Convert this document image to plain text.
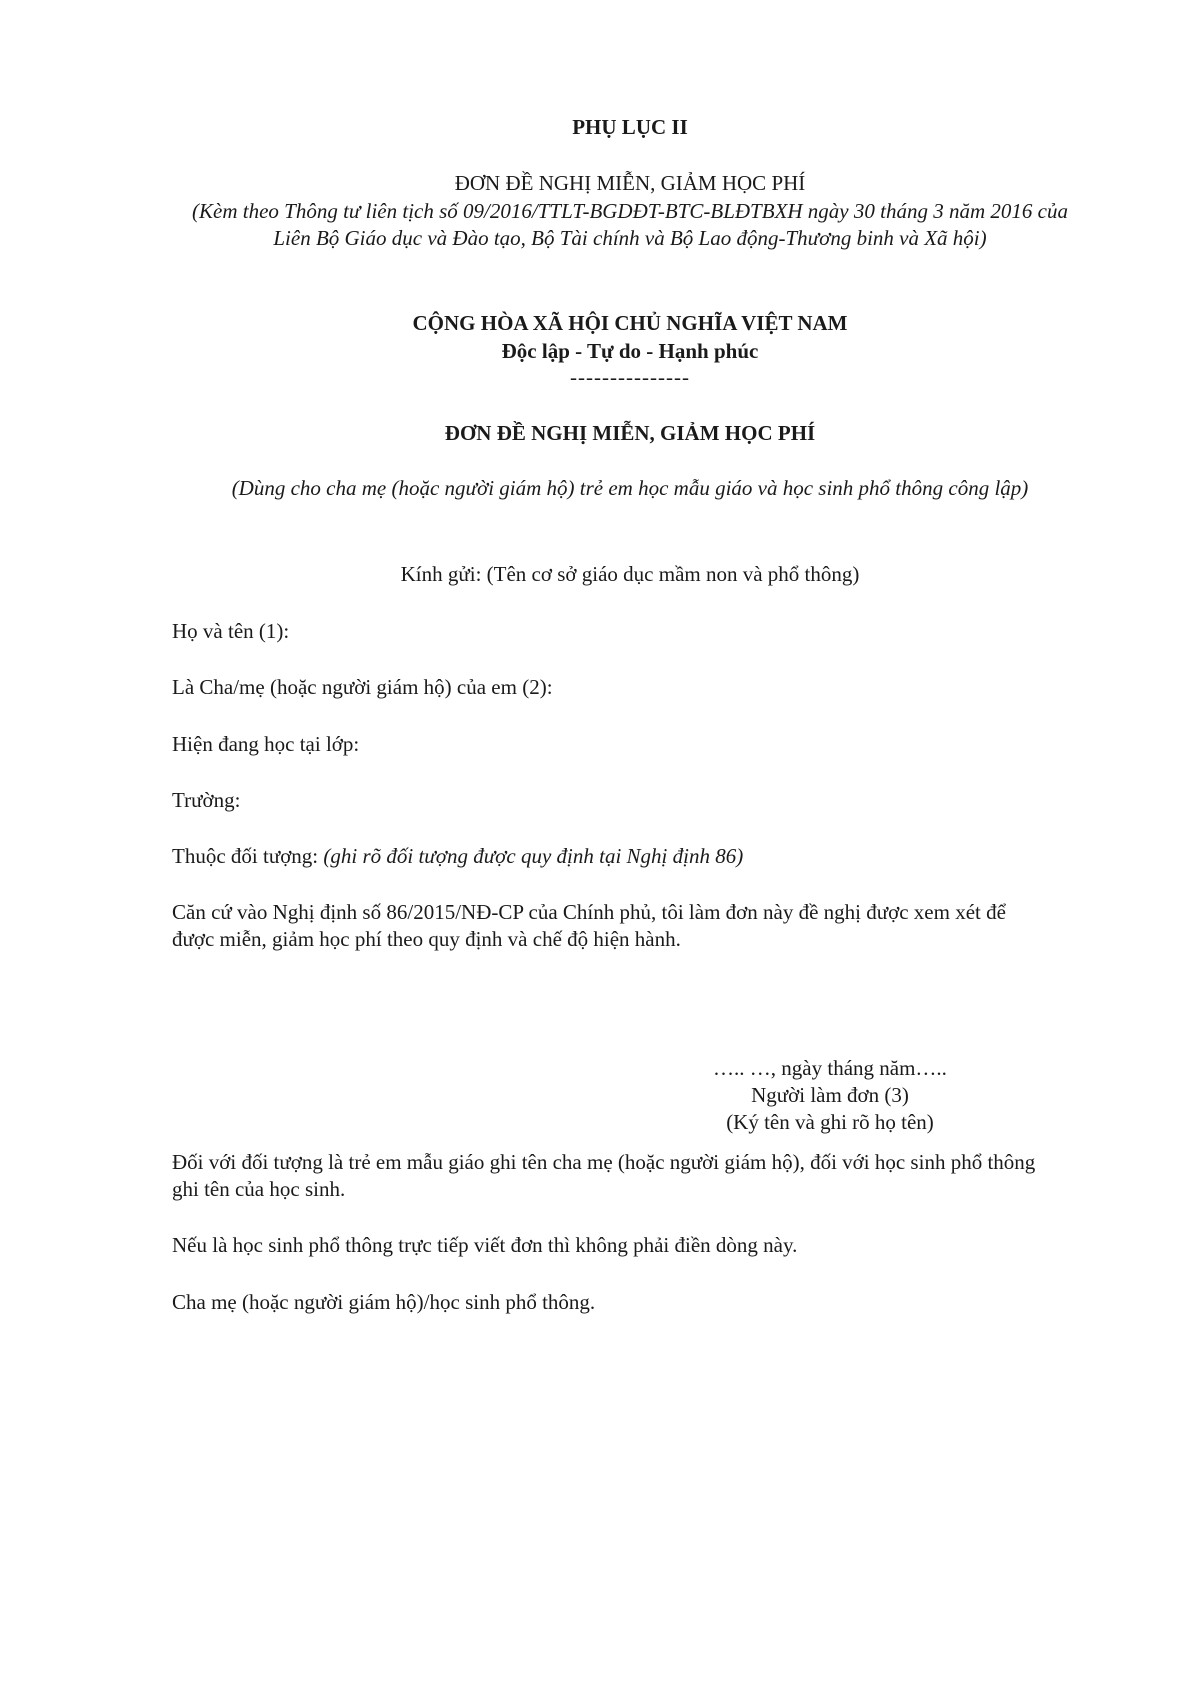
PHỤ LỤC II
ĐƠN ĐỀ NGHỊ MIỄN, GIẢM HỌC PHÍ
(Kèm theo Thông tư liên tịch số 09/2016/TTLT-BGDĐT-BTC-BLĐTBXH ngày 30 tháng 3 năm 2016 của Liên Bộ Giáo dục và Đào tạo, Bộ Tài chính và Bộ Lao động-Thương binh và Xã hội)
CỘNG HÒA XÃ HỘI CHỦ NGHĨA VIỆT NAM
Độc lập - Tự do - Hạnh phúc
---------------
ĐƠN ĐỀ NGHỊ MIỄN, GIẢM HỌC PHÍ
(Dùng cho cha mẹ (hoặc người giám hộ) trẻ em học mẫu giáo và học sinh phổ thông công lập)
Kính gửi: (Tên cơ sở giáo dục mầm non và phổ thông)
Họ và tên (1):
Là Cha/mẹ (hoặc người giám hộ) của em (2):
Hiện đang học tại lớp:
Trường:
Thuộc đối tượng: (ghi rõ đối tượng được quy định tại Nghị định 86)
Căn cứ vào Nghị định số 86/2015/NĐ-CP của Chính phủ, tôi làm đơn này đề nghị được xem xét để được miễn, giảm học phí theo quy định và chế độ hiện hành.
….. …, ngày tháng năm…..
Người làm đơn (3)
(Ký tên và ghi rõ họ tên)
Đối với đối tượng là trẻ em mẫu giáo ghi tên cha mẹ (hoặc người giám hộ), đối với học sinh phổ thông ghi tên của học sinh.
Nếu là học sinh phổ thông trực tiếp viết đơn thì không phải điền dòng này.
Cha mẹ (hoặc người giám hộ)/học sinh phổ thông.
